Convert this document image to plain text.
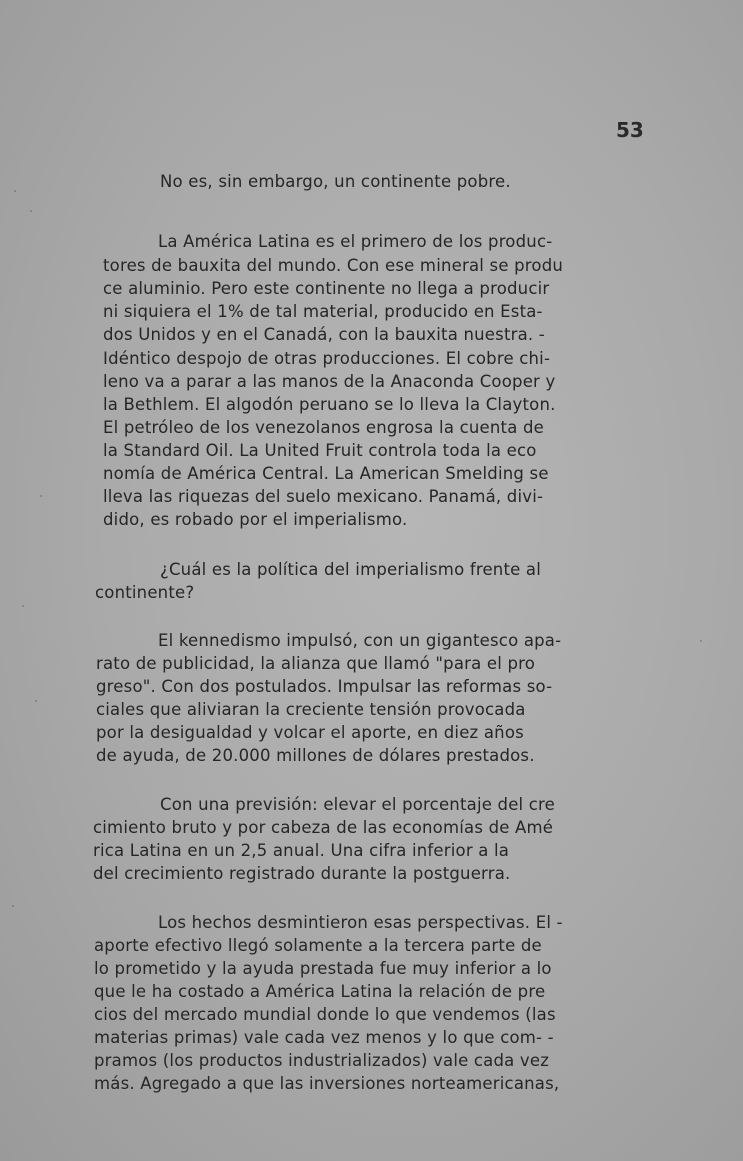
53
No es, sin embargo, un continente pobre.
La América Latina es el primero de los produc-
tores de bauxita del mundo. Con ese mineral se produ
ce aluminio. Pero este continente no llega a producir
ni siquiera el 1% de tal material, producido en Esta-
dos Unidos y en el Canadá, con la bauxita nuestra. -
Idéntico despojo de otras producciones. El cobre chi-
leno va a parar a las manos de la Anaconda Cooper y
la Bethlem. El algodón peruano se lo lleva la Clayton.
El petróleo de los venezolanos engrosa la cuenta de
la Standard Oil. La United Fruit controla toda la eco
nomía de América Central. La American Smelding se
lleva las riquezas del suelo mexicano. Panamá, divi-
dido, es robado por el imperialismo.
¿Cuál es la política del imperialismo frente al
continente?
El kennedismo impulsó, con un gigantesco apa-
rato de publicidad, la alianza que llamó "para el pro
greso". Con dos postulados. Impulsar las reformas so-
ciales que aliviaran la creciente tensión provocada
por la desigualdad y volcar el aporte, en diez años
de ayuda, de 20.000 millones de dólares prestados.
Con una previsión: elevar el porcentaje del cre
cimiento bruto y por cabeza de las economías de Amé
rica Latina en un 2,5 anual. Una cifra inferior a la
del crecimiento registrado durante la postguerra.
Los hechos desmintieron esas perspectivas. El -
aporte efectivo llegó solamente a la tercera parte de
lo prometido y la ayuda prestada fue muy inferior a lo
que le ha costado a América Latina la relación de pre
cios del mercado mundial donde lo que vendemos (las
materias primas) vale cada vez menos y lo que com- -
pramos (los productos industrializados) vale cada vez
más. Agregado a que las inversiones norteamericanas,
